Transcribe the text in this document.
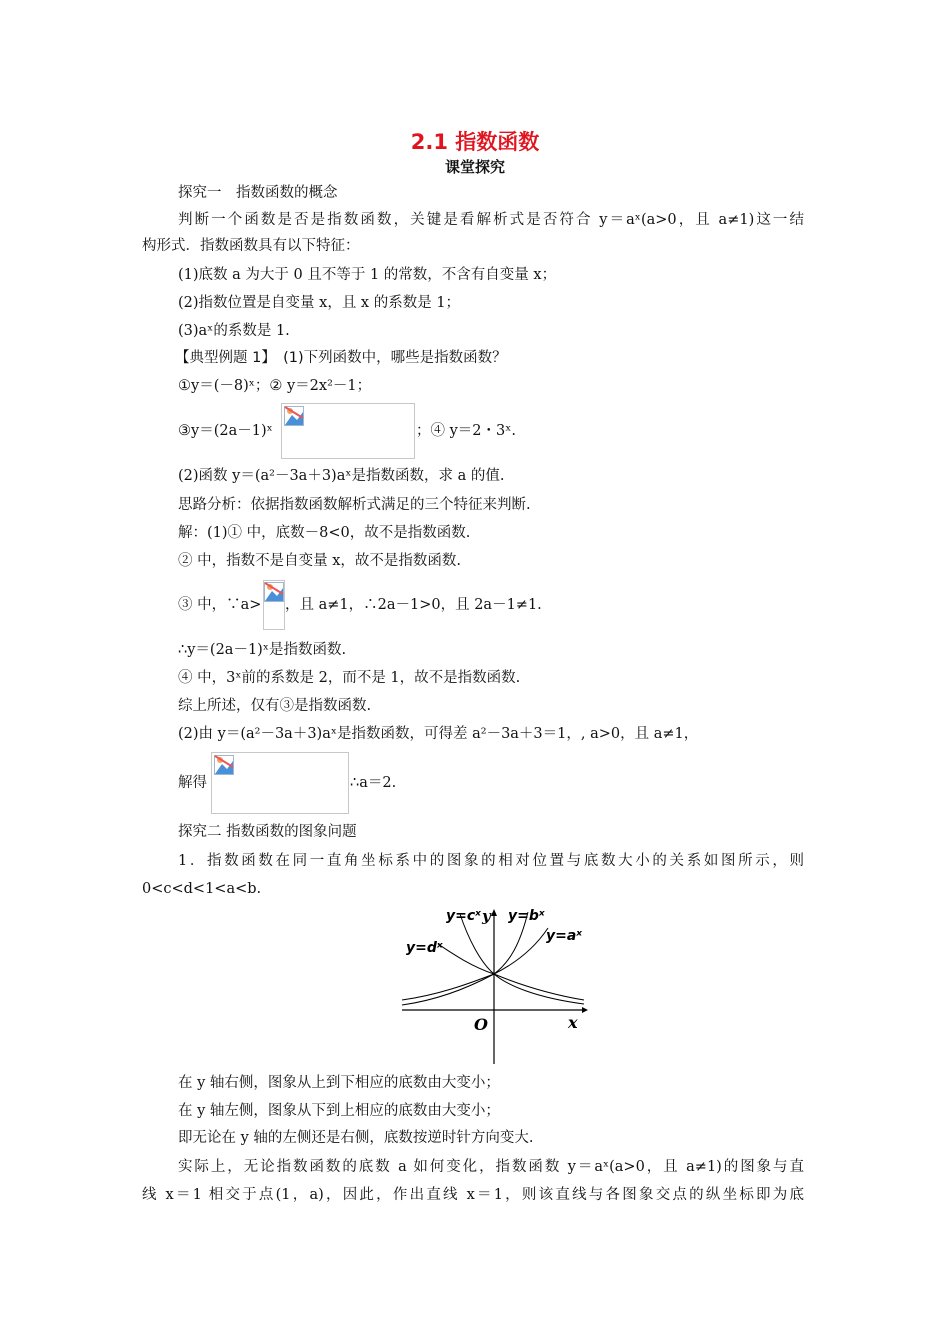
2.1 指数函数
课堂探究
探究一　指数函数的概念
判断一个函数是否是指数函数，关键是看解析式是否符合 y＝aˣ(a>0，且 a≠1)这一结
构形式．指数函数具有以下特征：
(1)底数 a 为大于 0 且不等于 1 的常数，不含有自变量 x；
(2)指数位置是自变量 x，且 x 的系数是 1；
(3)aˣ的系数是 1.
【典型例题 1】　(1)下列函数中，哪些是指数函数？
①y＝(－8)ˣ；② y＝2x²－1；
③y＝(2a－1)ˣ	；④ y＝2・3ˣ.
(2)函数 y＝(a²－3a＋3)aˣ是指数函数，求 a 的值.
思路分析：依据指数函数解析式满足的三个特征来判断.
解：(1)① 中，底数－8<0，故不是指数函数.
② 中，指数不是自变量 x，故不是指数函数.
③ 中，∵a> ，且 a≠1，∴2a－1>0，且 2a－1≠1.
∴y＝(2a－1)ˣ是指数函数.
④ 中，3ˣ前的系数是 2，而不是 1，故不是指数函数.
综上所述，仅有③是指数函数.
(2)由 y＝(a²－3a＋3)aˣ是指数函数，可得差 a²－3a＋3＝1，, a>0，且 a≠1，
解得	∴a＝2.
探究二 指数函数的图象问题
1．指数函数在同一直角坐标系中的图象的相对位置与底数大小的关系如图所示，则
0<c<d<1<a<b.
y=cˣ y=bˣ
y=aˣ
y=dˣ
y
x
O
在 y 轴右侧，图象从上到下相应的底数由大变小；
在 y 轴左侧，图象从下到上相应的底数由大变小；
即无论在 y 轴的左侧还是右侧，底数按逆时针方向变大.
实际上，无论指数函数的底数 a 如何变化，指数函数 y＝aˣ(a>0，且 a≠1)的图象与直
线 x＝1 相交于点(1，a)，因此，作出直线 x＝1，则该直线与各图象交点的纵坐标即为底
